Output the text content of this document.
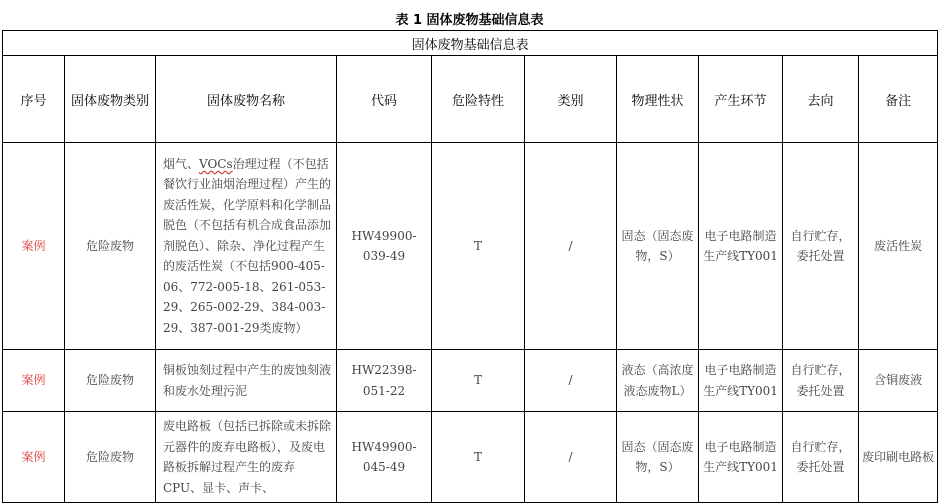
表 1 固体废物基础信息表
固体废物基础信息表									
序号	固体废物类别	固体废物名称	代码	危险特性	类别	物理性状	产生环节	去向	备注
案例	危险废物	烟气、VOCs治理过程（不包括餐饮行业油烟治理过程）产生的废活性炭，化学原料和化学制品脱色（不包括有机合成食品添加剂脱色）、除杂、净化过程产生的废活性炭（不包括900-405-06、772-005-18、261-053-29、265-002-29、384-003-29、387-001-29类废物）	HW49900-039-49	T	/	固态（固态废物，S）	电子电路制造生产线TY001	自行贮存，委托处置	废活性炭
案例	危险废物	铜板蚀刻过程中产生的废蚀刻液和废水处理污泥	HW22398-051-22	T	/	液态（高浓度液态废物L）	电子电路制造生产线TY001	自行贮存，委托处置	含铜废液
案例	危险废物	废电路板（包括已拆除或未拆除元器件的废弃电路板），及废电路板拆解过程产生的废弃CPU、显卡、声卡、	HW49900-045-49	T	/	固态（固态废物，S）	电子电路制造生产线TY001	自行贮存，委托处置	废印刷电路板
